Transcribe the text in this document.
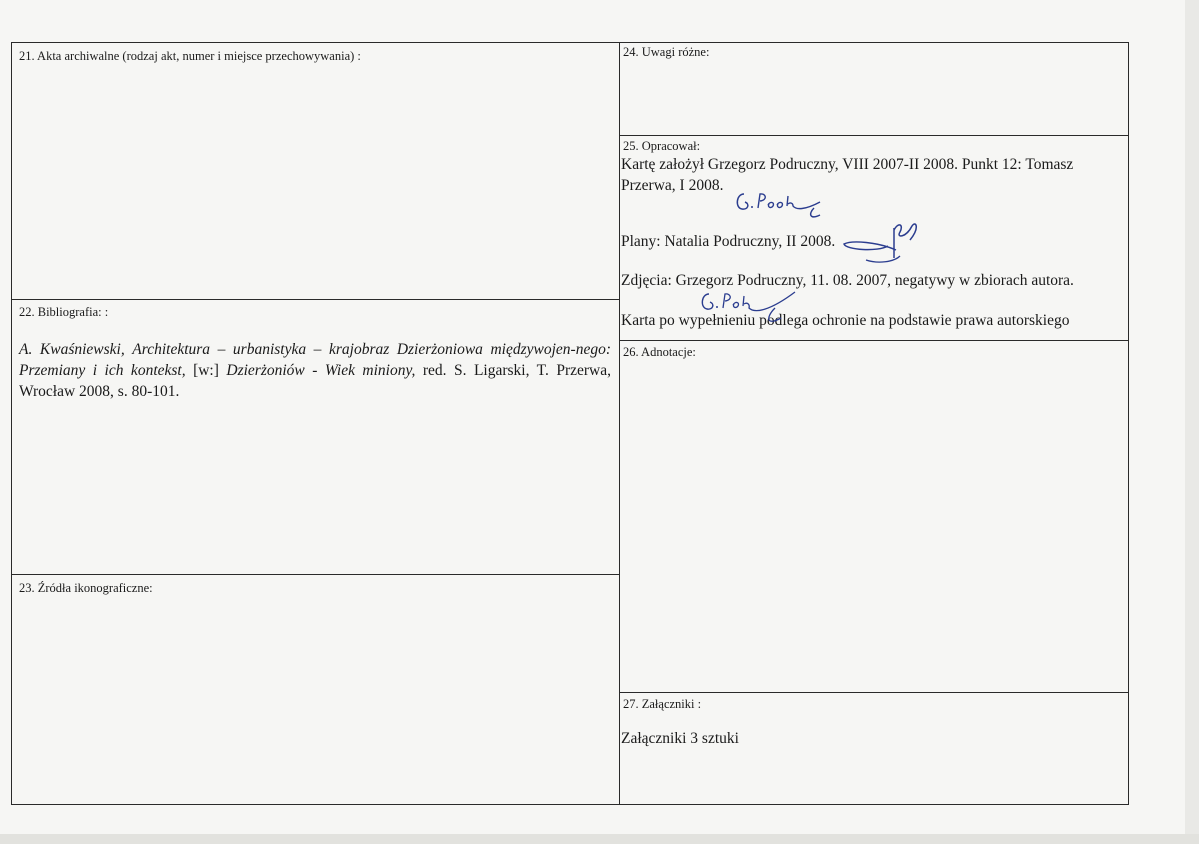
21. Akta archiwalne (rodzaj akt, numer i miejsce przechowywania) :
22. Bibliografia: :
A. Kwaśniewski, Architektura – urbanistyka – krajobraz Dzierżoniowa międzywojen-nego: Przemiany i ich kontekst, [w:] Dzierżoniów - Wiek miniony, red. S. Ligarski, T. Przerwa, Wrocław 2008, s. 80-101.
23. Źródła ikonograficzne:
24. Uwagi różne:
25. Opracował:
Kartę założył Grzegorz Podruczny, VIII 2007-II 2008. Punkt 12: Tomasz Przerwa, I 2008.
Plany: Natalia Podruczny, II 2008.
Zdjęcia: Grzegorz Podruczny, 11. 08. 2007, negatywy w zbiorach autora.
Karta po wypełnieniu podlega ochronie na podstawie prawa autorskiego
26. Adnotacje:
27. Załączniki :
Załączniki 3 sztuki
